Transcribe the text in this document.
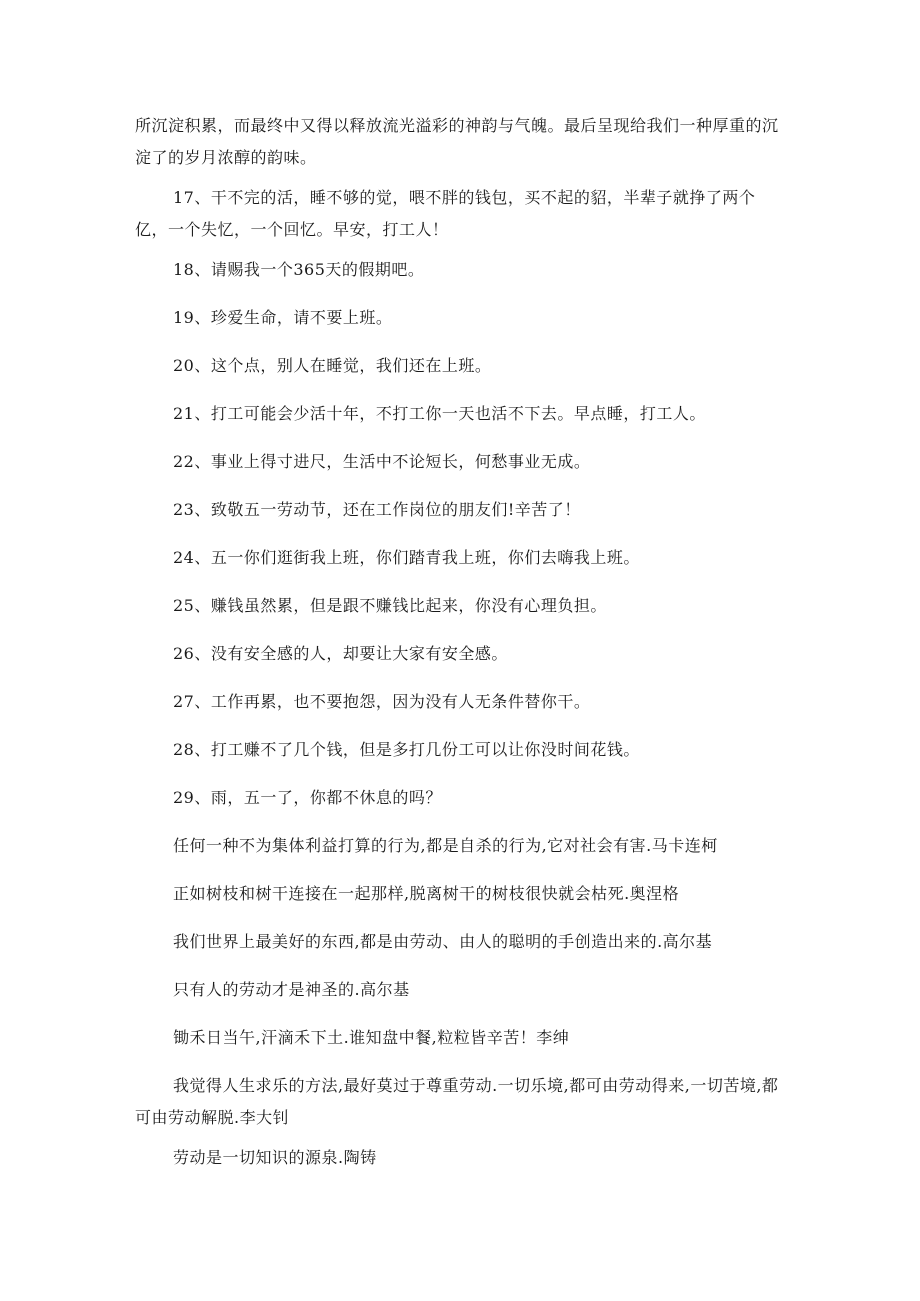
所沉淀积累，而最终中又得以释放流光溢彩的神韵与气魄。最后呈现给我们一种厚重的沉淀了的岁月浓醇的韵味。

17、干不完的活，睡不够的觉，喂不胖的钱包，买不起的貂，半辈子就挣了两个亿，一个失忆，一个回忆。早安，打工人！

18、请赐我一个365天的假期吧。

19、珍爱生命，请不要上班。

20、这个点，别人在睡觉，我们还在上班。

21、打工可能会少活十年，不打工你一天也活不下去。早点睡，打工人。

22、事业上得寸进尺，生活中不论短长，何愁事业无成。

23、致敬五一劳动节，还在工作岗位的朋友们!辛苦了！

24、五一你们逛街我上班，你们踏青我上班，你们去嗨我上班。

25、赚钱虽然累，但是跟不赚钱比起来，你没有心理负担。

26、没有安全感的人，却要让大家有安全感。

27、工作再累，也不要抱怨，因为没有人无条件替你干。

28、打工赚不了几个钱，但是多打几份工可以让你没时间花钱。

29、雨，五一了，你都不休息的吗？

任何一种不为集体利益打算的行为,都是自杀的行为,它对社会有害.马卡连柯

正如树枝和树干连接在一起那样,脱离树干的树枝很快就会枯死.奥涅格

我们世界上最美好的东西,都是由劳动、由人的聪明的手创造出来的.高尔基

只有人的劳动才是神圣的.高尔基

锄禾日当午,汗滴禾下土.谁知盘中餐,粒粒皆辛苦！李绅

我觉得人生求乐的方法,最好莫过于尊重劳动.一切乐境,都可由劳动得来,一切苦境,都可由劳动解脱.李大钊

劳动是一切知识的源泉.陶铸
